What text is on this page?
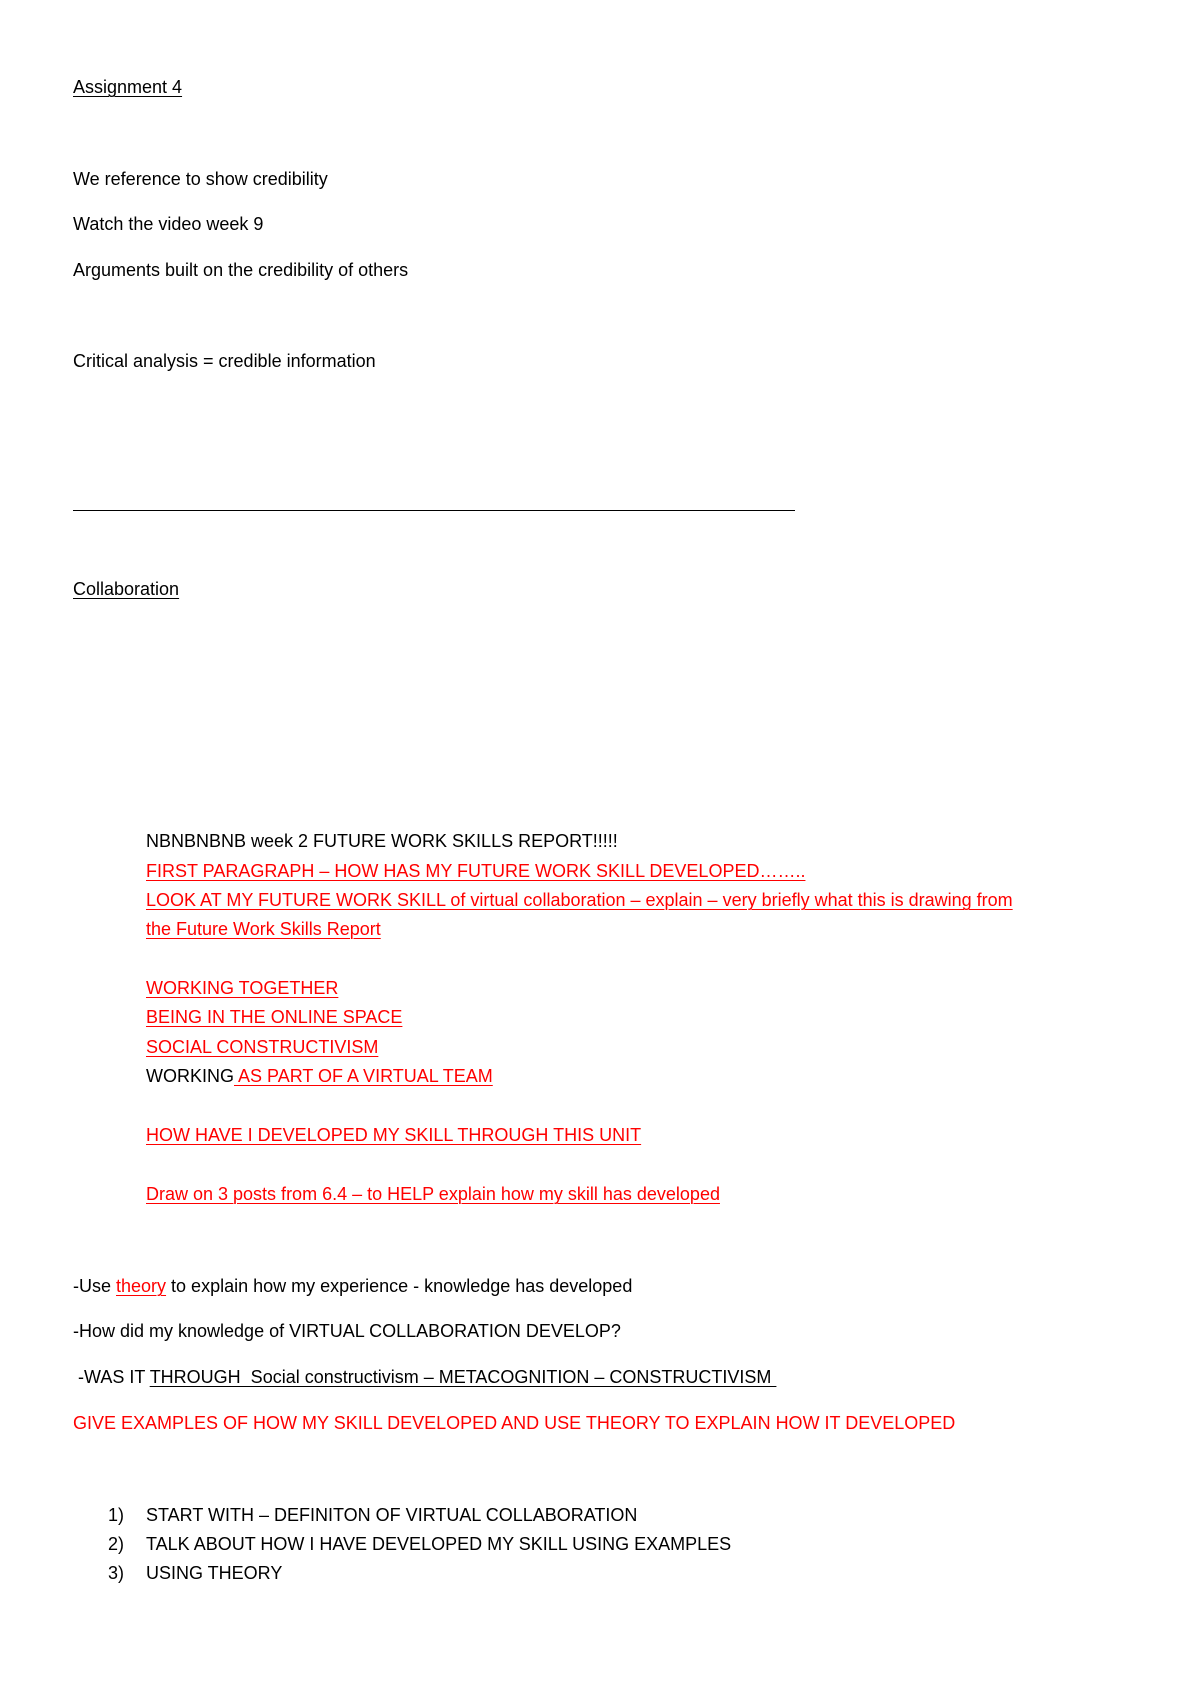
Assignment 4
We reference to show credibility
Watch the video week 9
Arguments built on the credibility of others
Critical analysis = credible information
Collaboration
NBNBNBNB week 2 FUTURE WORK SKILLS REPORT!!!!!
FIRST PARAGRAPH – HOW HAS MY FUTURE WORK SKILL DEVELOPED……..
LOOK AT MY FUTURE WORK SKILL of virtual collaboration – explain – very briefly what this is drawing from
the Future Work Skills Report
WORKING TOGETHER
BEING IN THE ONLINE SPACE
SOCIAL CONSTRUCTIVISM
WORKING AS PART OF A VIRTUAL TEAM
HOW HAVE I DEVELOPED MY SKILL THROUGH THIS UNIT
Draw on 3 posts from 6.4 – to HELP explain how my skill has developed
-Use theory to explain how my experience - knowledge has developed
-How did my knowledge of VIRTUAL COLLABORATION DEVELOP?
-WAS IT THROUGH  Social constructivism – METACOGNITION – CONSTRUCTIVISM
GIVE EXAMPLES OF HOW MY SKILL DEVELOPED AND USE THEORY TO EXPLAIN HOW IT DEVELOPED
1) START WITH – DEFINITON OF VIRTUAL COLLABORATION
2) TALK ABOUT HOW I HAVE DEVELOPED MY SKILL USING EXAMPLES
3) USING THEORY
